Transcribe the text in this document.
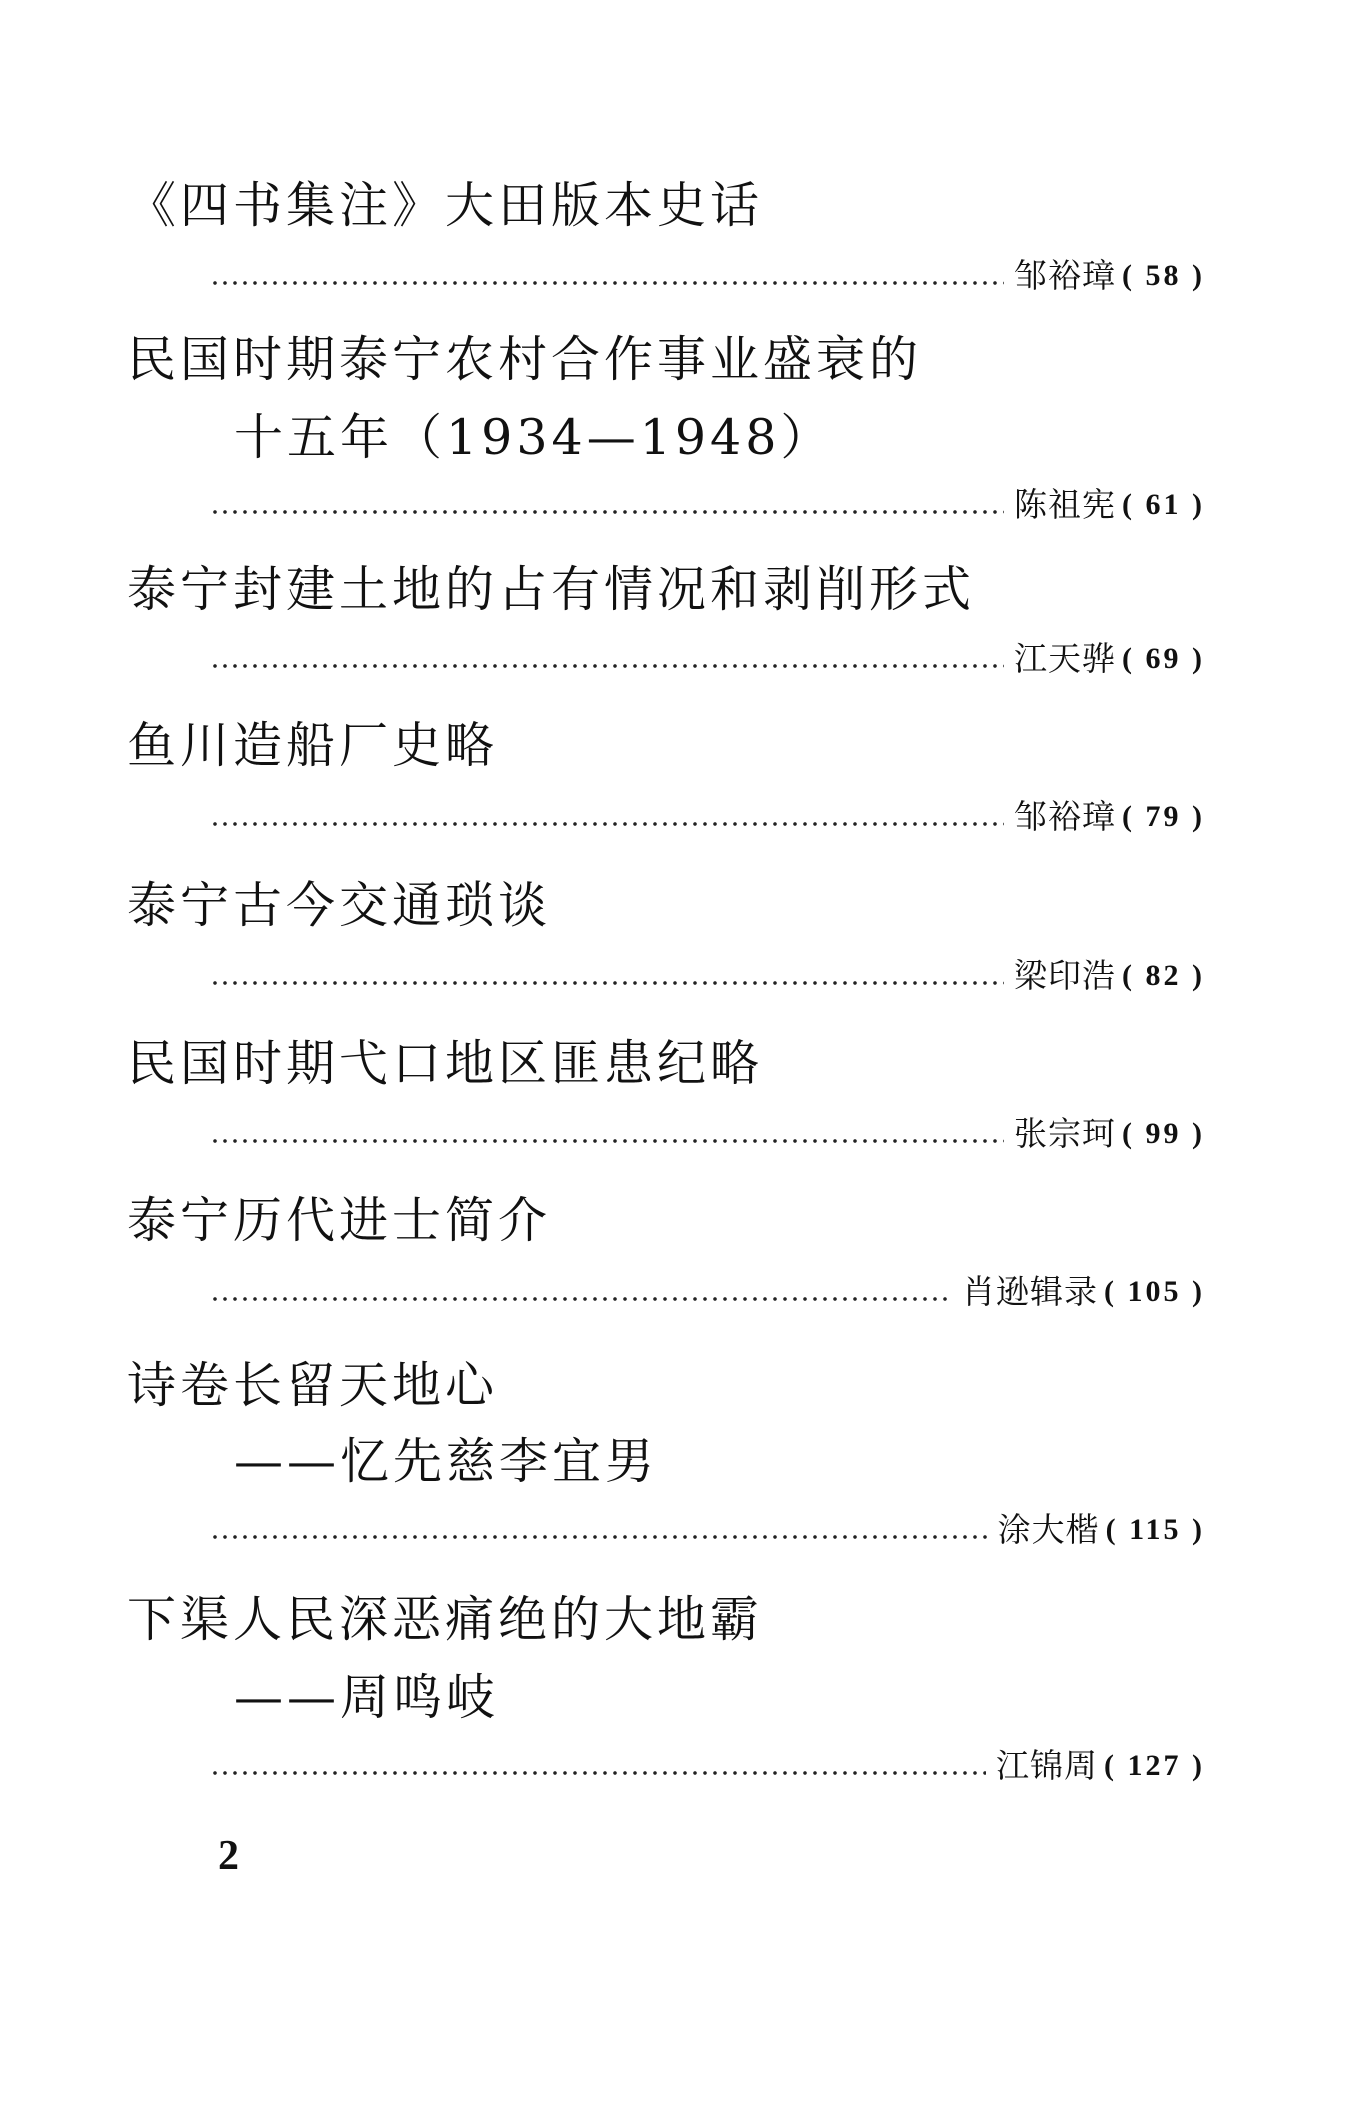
《四书集注》大田版本史话
邹裕璋 ( 58 )
民国时期泰宁农村合作事业盛衰的
十五年（1934—1948）
陈祖宪 ( 61 )
泰宁封建土地的占有情况和剥削形式
江天骅 ( 69 )
鱼川造船厂史略
邹裕璋 ( 79 )
泰宁古今交通琐谈
梁印浩 ( 82 )
民国时期弋口地区匪患纪略
张宗珂 ( 99 )
泰宁历代进士简介
肖逊辑录 ( 105 )
诗卷长留天地心
——忆先慈李宜男
涂大楷 ( 115 )
下渠人民深恶痛绝的大地霸
——周鸣岐
江锦周 ( 127 )
2
